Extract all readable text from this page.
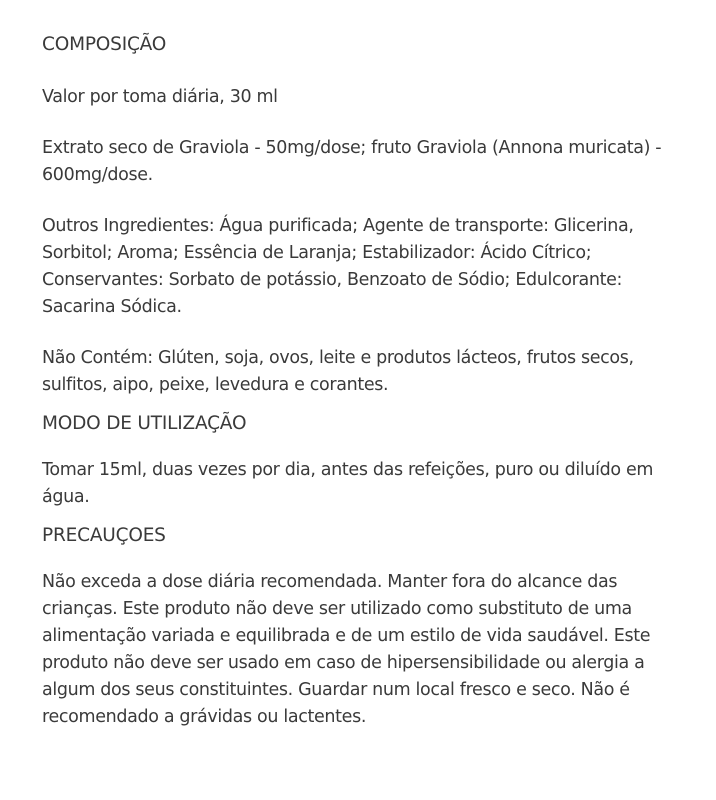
COMPOSIÇÃO
Valor por toma diária, 30 ml
Extrato seco de Graviola - 50mg/dose; fruto Graviola (Annona muricata) - 600mg/dose.
Outros Ingredientes: Água purificada; Agente de transporte: Glicerina, Sorbitol; Aroma; Essência de Laranja; Estabilizador: Ácido Cítrico; Conservantes: Sorbato de potássio, Benzoato de Sódio; Edulcorante: Sacarina Sódica.
Não Contém: Glúten, soja, ovos, leite e produtos lácteos, frutos secos, sulfitos, aipo, peixe, levedura e corantes.
MODO DE UTILIZAÇÃO
Tomar 15ml, duas vezes por dia, antes das refeições, puro ou diluído em água.
PRECAUÇOES
Não exceda a dose diária recomendada. Manter fora do alcance das crianças. Este produto não deve ser utilizado como substituto de uma alimentação variada e equilibrada e de um estilo de vida saudável. Este produto não deve ser usado em caso de hipersensibilidade ou alergia a algum dos seus constituintes. Guardar num local fresco e seco. Não é recomendado a grávidas ou lactentes.
